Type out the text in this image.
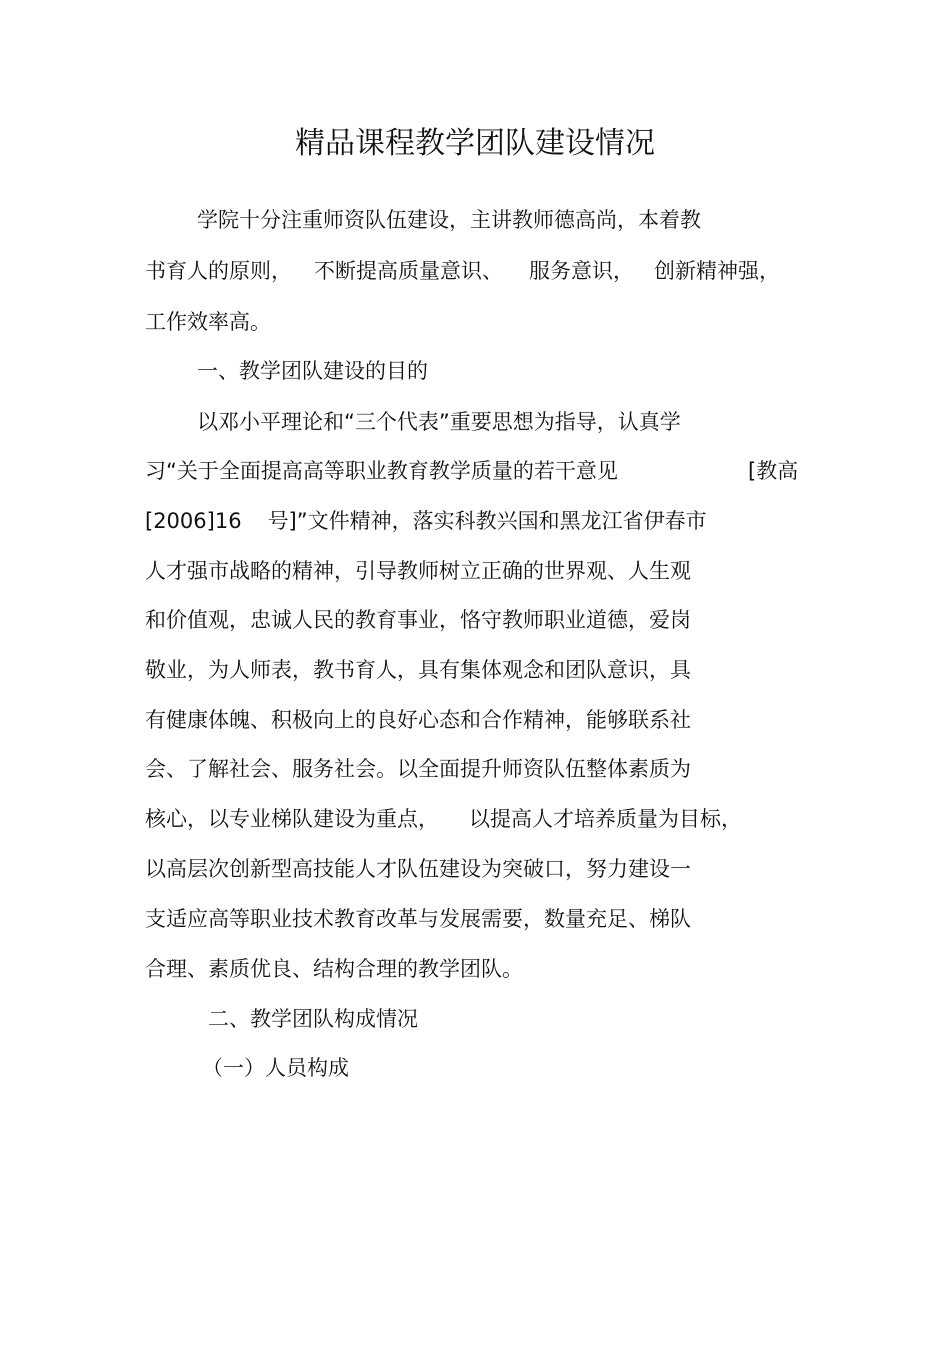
精品课程教学团队建设情况
学院十分注重师资队伍建设，主讲教师德高尚，本着教
书育人的原则， 不断提高质量意识、 服务意识， 创新精神强，
工作效率高。
一、教学团队建设的目的
以邓小平理论和“三个代表”重要思想为指导，认真学
习“关于全面提高高等职业教育教学质量的若干意见	[教高
[2006]16 号]”文件精神，落实科教兴国和黑龙江省伊春市
人才强市战略的精神，引导教师树立正确的世界观、人生观
和价值观，忠诚人民的教育事业，恪守教师职业道德，爱岗
敬业，为人师表，教书育人，具有集体观念和团队意识，具
有健康体魄、积极向上的良好心态和合作精神，能够联系社
会、了解社会、服务社会。以全面提升师资队伍整体素质为
核心，以专业梯队建设为重点， 以提高人才培养质量为目标，
以高层次创新型高技能人才队伍建设为突破口，努力建设一
支适应高等职业技术教育改革与发展需要，数量充足、梯队
合理、素质优良、结构合理的教学团队。
二、教学团队构成情况
（一）人员构成
